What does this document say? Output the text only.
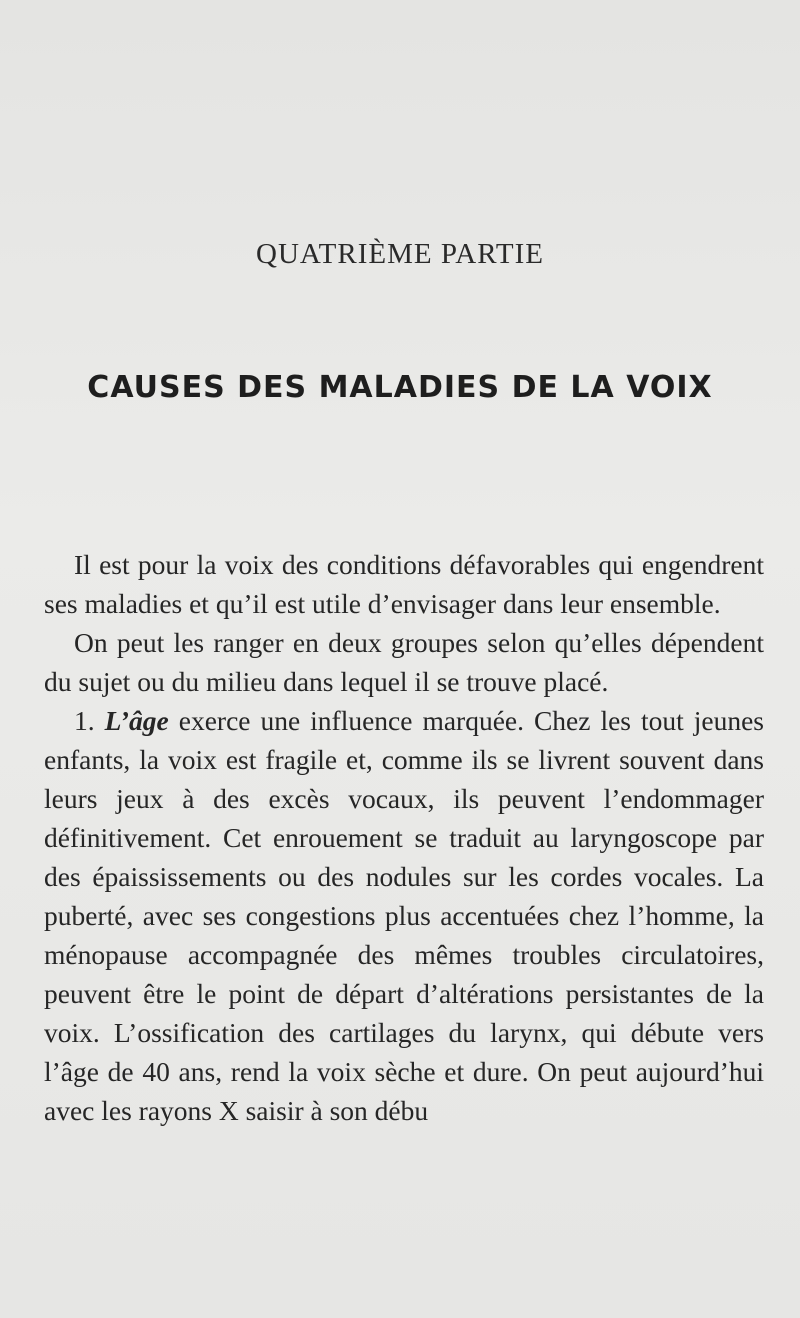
QUATRIÈME PARTIE
CAUSES DES MALADIES DE LA VOIX

Il est pour la voix des conditions défavorables qui engendrent ses maladies et qu’il est utile d’envisager dans leur ensemble.

On peut les ranger en deux groupes selon qu’elles dépendent du sujet ou du milieu dans lequel il se trouve placé.

1. L’âge exerce une influence marquée. Chez les tout jeunes enfants, la voix est fragile et, comme ils se livrent souvent dans leurs jeux à des excès vocaux, ils peuvent l’endommager définitivement. Cet enrouement se traduit au laryngoscope par des épaississements ou des nodules sur les cordes vocales. La puberté, avec ses congestions plus accentuées chez l’homme, la ménopause accompagnée des mêmes troubles circulatoires, peuvent être le point de départ d’altérations persistantes de la voix. L’ossification des cartilages du larynx, qui débute vers l’âge de 40 ans, rend la voix sèche et dure. On peut aujourd’hui avec les rayons X saisir à son débu
